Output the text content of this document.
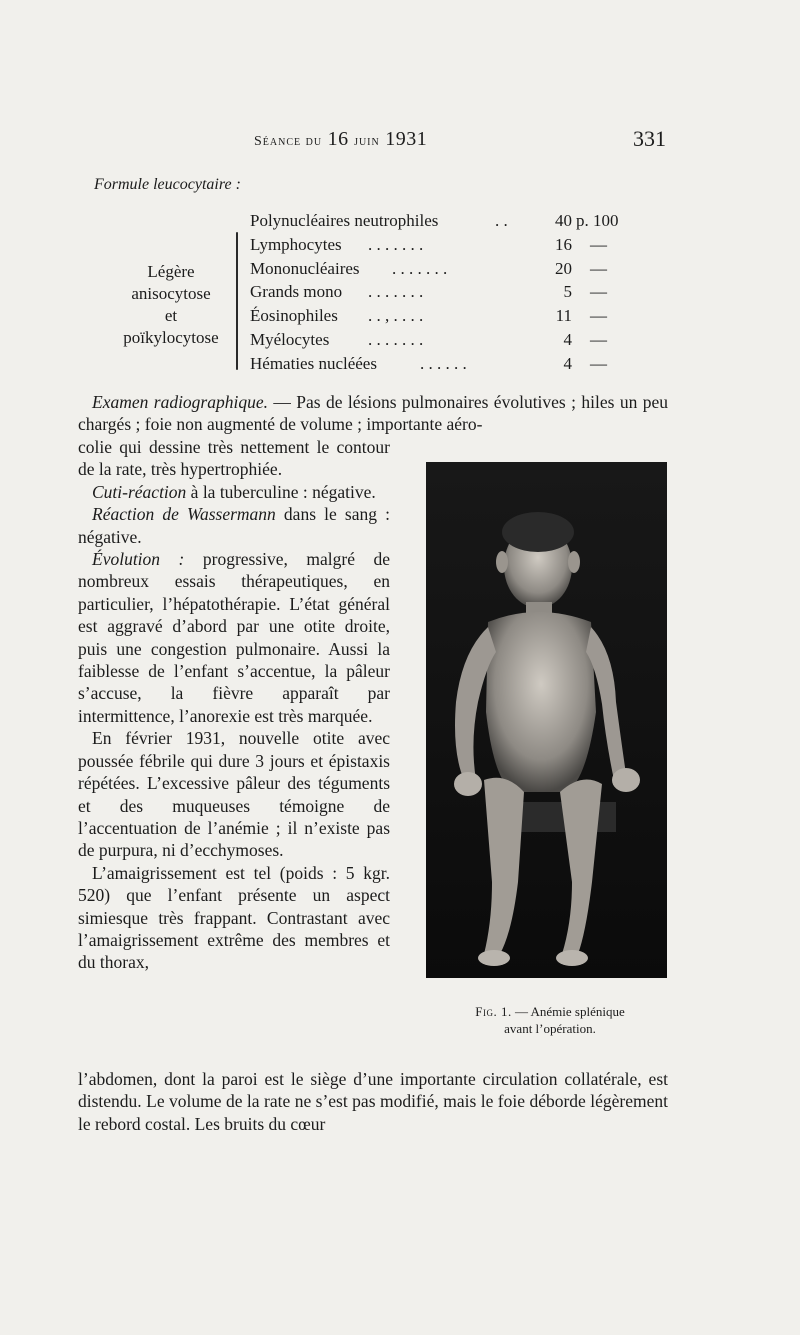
Séance du 16 juin 1931	331
Formule leucocytaire :
Légère
anisocytose
et
poïkylocytose
Polynucléaires neutrophiles	. .	40 p. 100
Lymphocytes . . . . . . .	16 —
Mononucléaires . . . . . . .	20 —
Grands mono . . . . . . .	5 —
Éosinophiles . . , . . . .	11 —
Myélocytes . . . . . . .	4 —
Hématies nucléées	. . . . . .	4 —

Examen radiographique. — Pas de lésions pulmonaires évolutives ; hiles un peu chargés ; foie non augmenté de volume ; importante aéro-

colie qui dessine très nettement le contour de la rate, très hypertrophiée.

Cuti-réaction à la tuberculine : négative.

Réaction de Wassermann dans le sang : négative.

Évolution : progressive, malgré de nombreux essais thérapeutiques, en particulier, l’hépatothérapie. L’état général est aggravé d’abord par une otite droite, puis une congestion pulmonaire. Aussi la faiblesse de l’enfant s’accentue, la pâleur s’accuse, la fièvre apparaît par intermittence, l’anorexie est très marquée.

En février 1931, nouvelle otite avec poussée fébrile qui dure 3 jours et épistaxis répétées. L’excessive pâleur des téguments et des muqueuses témoigne de l’accentuation de l’anémie ; il n’existe pas de purpura, ni d’ecchymoses.

L’amaigrissement est tel (poids : 5 kgr. 520) que l’enfant présente un aspect simiesque très frappant. Contrastant avec l’amaigrissement extrême des membres et du thorax,

Fig. 1. — Anémie splénique
avant l’opération.

l’abdomen, dont la paroi est le siège d’une importante circulation collatérale, est distendu. Le volume de la rate ne s’est pas modifié, mais le foie déborde légèrement le rebord costal. Les bruits du cœur
